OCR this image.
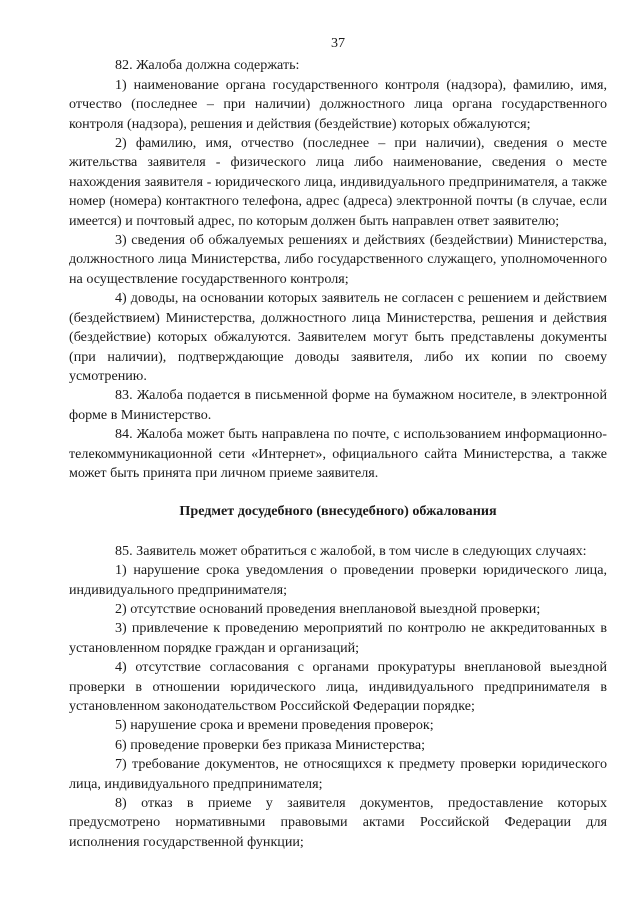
37

82. Жалоба должна содержать:

1) наименование органа государственного контроля (надзора), фамилию, имя, отчество (последнее – при наличии) должностного лица органа государственного контроля (надзора), решения и действия (бездействие) которых обжалуются;

2) фамилию, имя, отчество (последнее – при наличии), сведения о месте жительства заявителя - физического лица либо наименование, сведения о месте нахождения заявителя - юридического лица, индивидуального предпринимателя, а также номер (номера) контактного телефона, адрес (адреса) электронной почты (в случае, если имеется) и почтовый адрес, по которым должен быть направлен ответ заявителю;

3) сведения об обжалуемых решениях и действиях (бездействии) Министерства, должностного лица Министерства, либо государственного служащего, уполномоченного на осуществление государственного контроля;

4) доводы, на основании которых заявитель не согласен с решением и действием (бездействием) Министерства, должностного лица Министерства, решения и действия (бездействие) которых обжалуются. Заявителем могут быть представлены документы (при наличии), подтверждающие доводы заявителя, либо их копии по своему усмотрению.

83. Жалоба подается в письменной форме на бумажном носителе, в электронной форме в Министерство.

84. Жалоба может быть направлена по почте, с использованием информационно-телекоммуникационной сети «Интернет», официального сайта Министерства, а также может быть принята при личном приеме заявителя.

Предмет досудебного (внесудебного) обжалования

85. Заявитель может обратиться с жалобой, в том числе в следующих случаях:

1) нарушение срока уведомления о проведении проверки юридического лица, индивидуального предпринимателя;

2) отсутствие оснований проведения внеплановой выездной проверки;

3) привлечение к проведению мероприятий по контролю не аккредитованных в установленном порядке граждан и организаций;

4) отсутствие согласования с органами прокуратуры внеплановой выездной проверки в отношении юридического лица, индивидуального предпринимателя в установленном законодательством Российской Федерации порядке;

5) нарушение срока и времени проведения проверок;

6) проведение проверки без приказа Министерства;

7) требование документов, не относящихся к предмету проверки юридического лица, индивидуального предпринимателя;

8) отказ в приеме у заявителя документов, предоставление которых предусмотрено нормативными правовыми актами Российской Федерации для исполнения государственной функции;
